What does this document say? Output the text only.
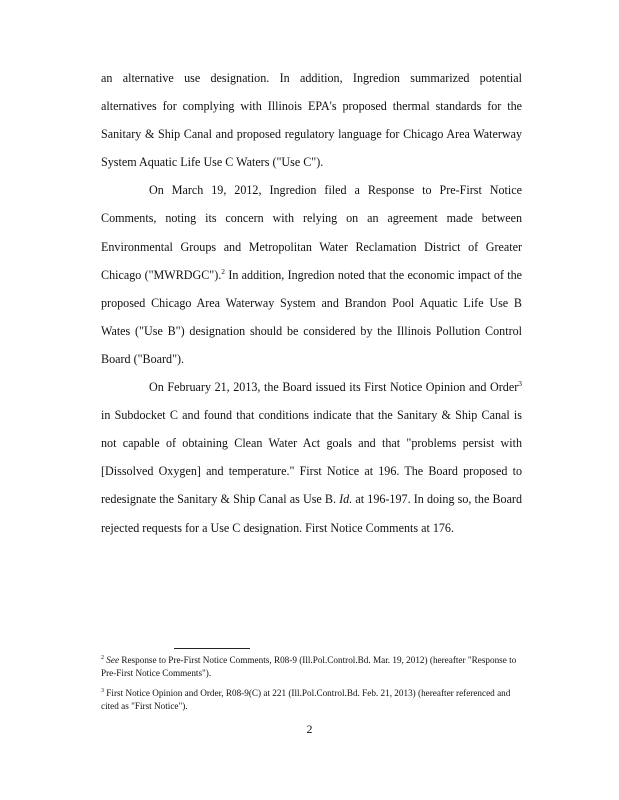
an alternative use designation. In addition, Ingredion summarized potential alternatives for complying with Illinois EPA's proposed thermal standards for the Sanitary & Ship Canal and proposed regulatory language for Chicago Area Waterway System Aquatic Life Use C Waters ("Use C").

On March 19, 2012, Ingredion filed a Response to Pre-First Notice Comments, noting its concern with relying on an agreement made between Environmental Groups and Metropolitan Water Reclamation District of Greater Chicago ("MWRDGC").$^2$ In addition, Ingredion noted that the economic impact of the proposed Chicago Area Waterway System and Brandon Pool Aquatic Life Use B Wates ("Use B") designation should be considered by the Illinois Pollution Control Board ("Board").

On February 21, 2013, the Board issued its First Notice Opinion and Order$^3$ in Subdocket C and found that conditions indicate that the Sanitary & Ship Canal is not capable of obtaining Clean Water Act goals and that "problems persist with [Dissolved Oxygen] and temperature." First Notice at 196. The Board proposed to redesignate the Sanitary & Ship Canal as Use B. Id. at 196-197. In doing so, the Board rejected requests for a Use C designation. First Notice Comments at 176.

$^2$ See Response to Pre-First Notice Comments, R08-9 (Ill.Pol.Control.Bd. Mar. 19, 2012) (hereafter "Response to Pre-First Notice Comments").

$^3$ First Notice Opinion and Order, R08-9(C) at 221 (Ill.Pol.Control.Bd. Feb. 21, 2013) (hereafter referenced and cited as "First Notice").

2
